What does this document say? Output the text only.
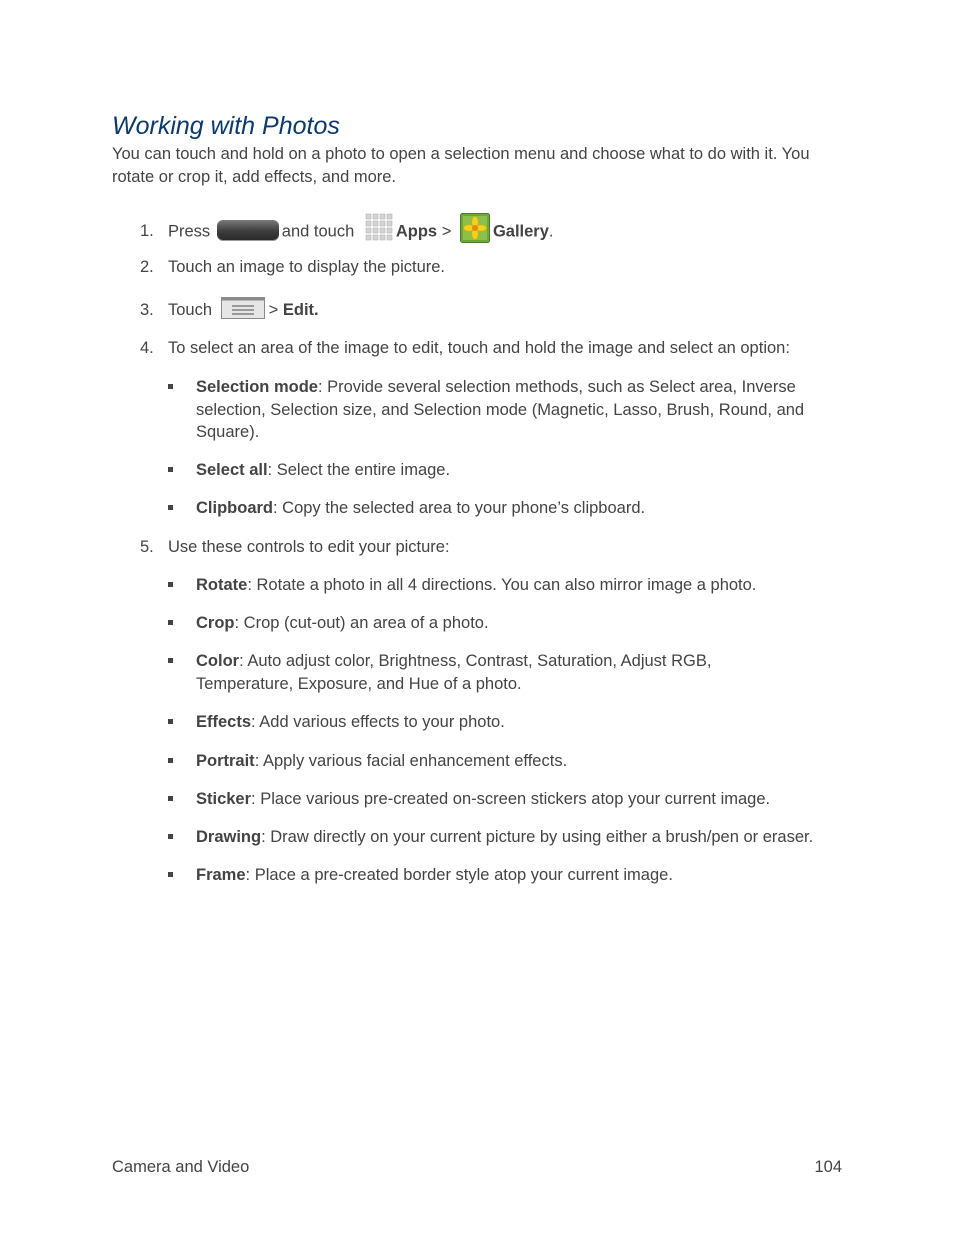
Working with Photos

You can touch and hold on a photo to open a selection menu and choose what to do with it. You rotate or crop it, add effects, and more.

1. Press	and touch	Apps >	Gallery.
2. Touch an image to display the picture.
3. Touch	> Edit.
4. To select an area of the image to edit, touch and hold the image and select an option:
Selection mode: Provide several selection methods, such as Select area, Inverse selection, Selection size, and Selection mode (Magnetic, Lasso, Brush, Round, and Square).
Select all: Select the entire image.
Clipboard: Copy the selected area to your phone’s clipboard.
5. Use these controls to edit your picture:
Rotate: Rotate a photo in all 4 directions. You can also mirror image a photo.
Crop: Crop (cut-out) an area of a photo.
Color: Auto adjust color, Brightness, Contrast, Saturation, Adjust RGB, Temperature, Exposure, and Hue of a photo.
Effects: Add various effects to your photo.
Portrait: Apply various facial enhancement effects.
Sticker: Place various pre-created on-screen stickers atop your current image.
Drawing: Draw directly on your current picture by using either a brush/pen or eraser.
Frame: Place a pre-created border style atop your current image.
Camera and Video	104
